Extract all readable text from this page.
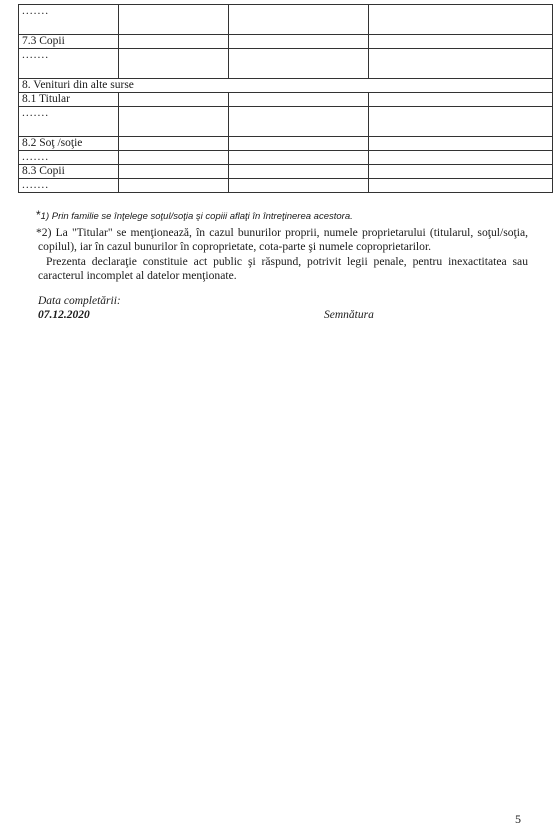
.......			
7.3 Copii			
.......			
8. Venituri din alte surse			
8.1 Titular			
.......			
8.2 Soţ /soţie			
.......			
8.3 Copii			
.......			

*1) Prin familie se înţelege soţul/soţia şi copiii aflaţi în întreţinerea acestora.

*2) La "Titular" se menţionează, în cazul bunurilor proprii, numele proprietarului (titularul, soţul/soţia, copilul), iar în cazul bunurilor în coproprietate, cota-parte şi numele coproprietarilor.

Prezenta declaraţie constituie act public şi răspund, potrivit legii penale, pentru inexactitatea sau caracterul incomplet al datelor menţionate.

Data completării:
07.12.2020	Semnătura
5
